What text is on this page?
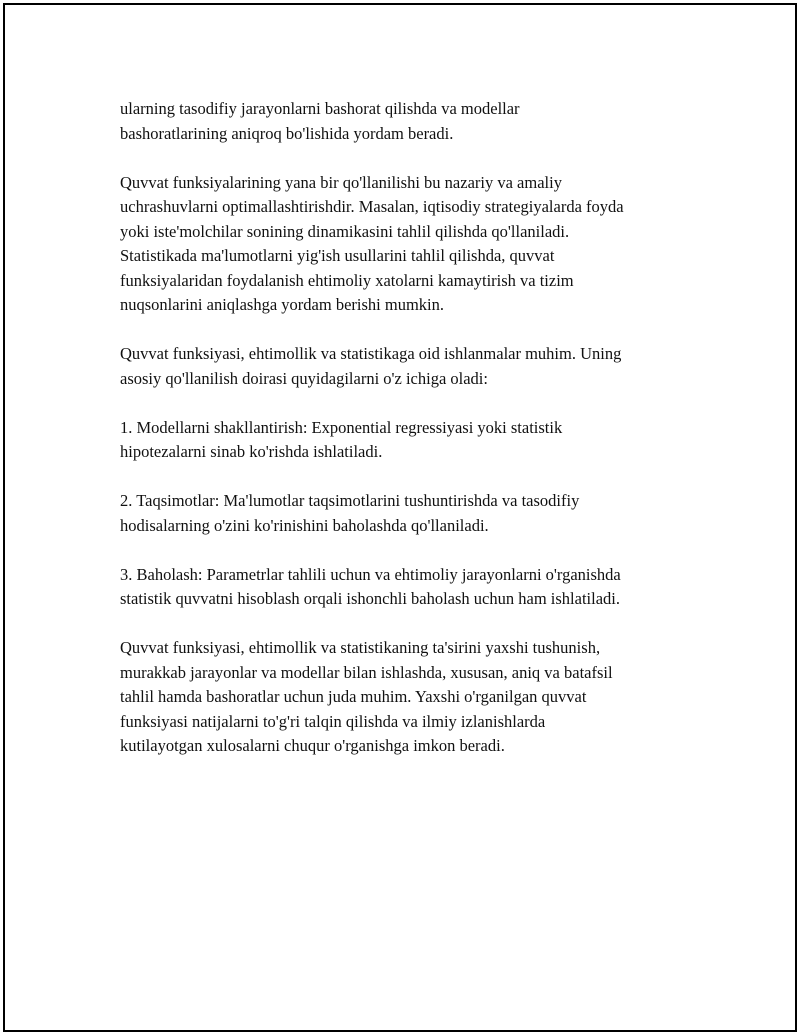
ularning tasodifiy jarayonlarni bashorat qilishda va modellar
bashoratlarining aniqroq bo'lishida yordam beradi.

Quvvat funksiyalarining yana bir qo'llanilishi bu nazariy va amaliy
uchrashuvlarni optimallashtirishdir. Masalan, iqtisodiy strategiyalarda foyda
yoki iste'molchilar sonining dinamikasini tahlil qilishda qo'llaniladi.
Statistikada ma'lumotlarni yig'ish usullarini tahlil qilishda, quvvat
funksiyalaridan foydalanish ehtimoliy xatolarni kamaytirish va tizim
nuqsonlarini aniqlashga yordam berishi mumkin.

Quvvat funksiyasi, ehtimollik va statistikaga oid ishlanmalar muhim. Uning
asosiy qo'llanilish doirasi quyidagilarni o'z ichiga oladi:

1. Modellarni shakllantirish: Exponential regressiyasi yoki statistik
hipotezalarni sinab ko'rishda ishlatiladi.

2. Taqsimotlar: Ma'lumotlar taqsimotlarini tushuntirishda va tasodifiy
hodisalarning o'zini ko'rinishini baholashda qo'llaniladi.

3. Baholash: Parametrlar tahlili uchun va ehtimoliy jarayonlarni o'rganishda
statistik quvvatni hisoblash orqali ishonchli baholash uchun ham ishlatiladi.

Quvvat funksiyasi, ehtimollik va statistikaning ta'sirini yaxshi tushunish,
murakkab jarayonlar va modellar bilan ishlashda, xususan, aniq va batafsil
tahlil hamda bashoratlar uchun juda muhim. Yaxshi o'rganilgan quvvat
funksiyasi natijalarni to'g'ri talqin qilishda va ilmiy izlanishlarda
kutilayotgan xulosalarni chuqur o'rganishga imkon beradi.
